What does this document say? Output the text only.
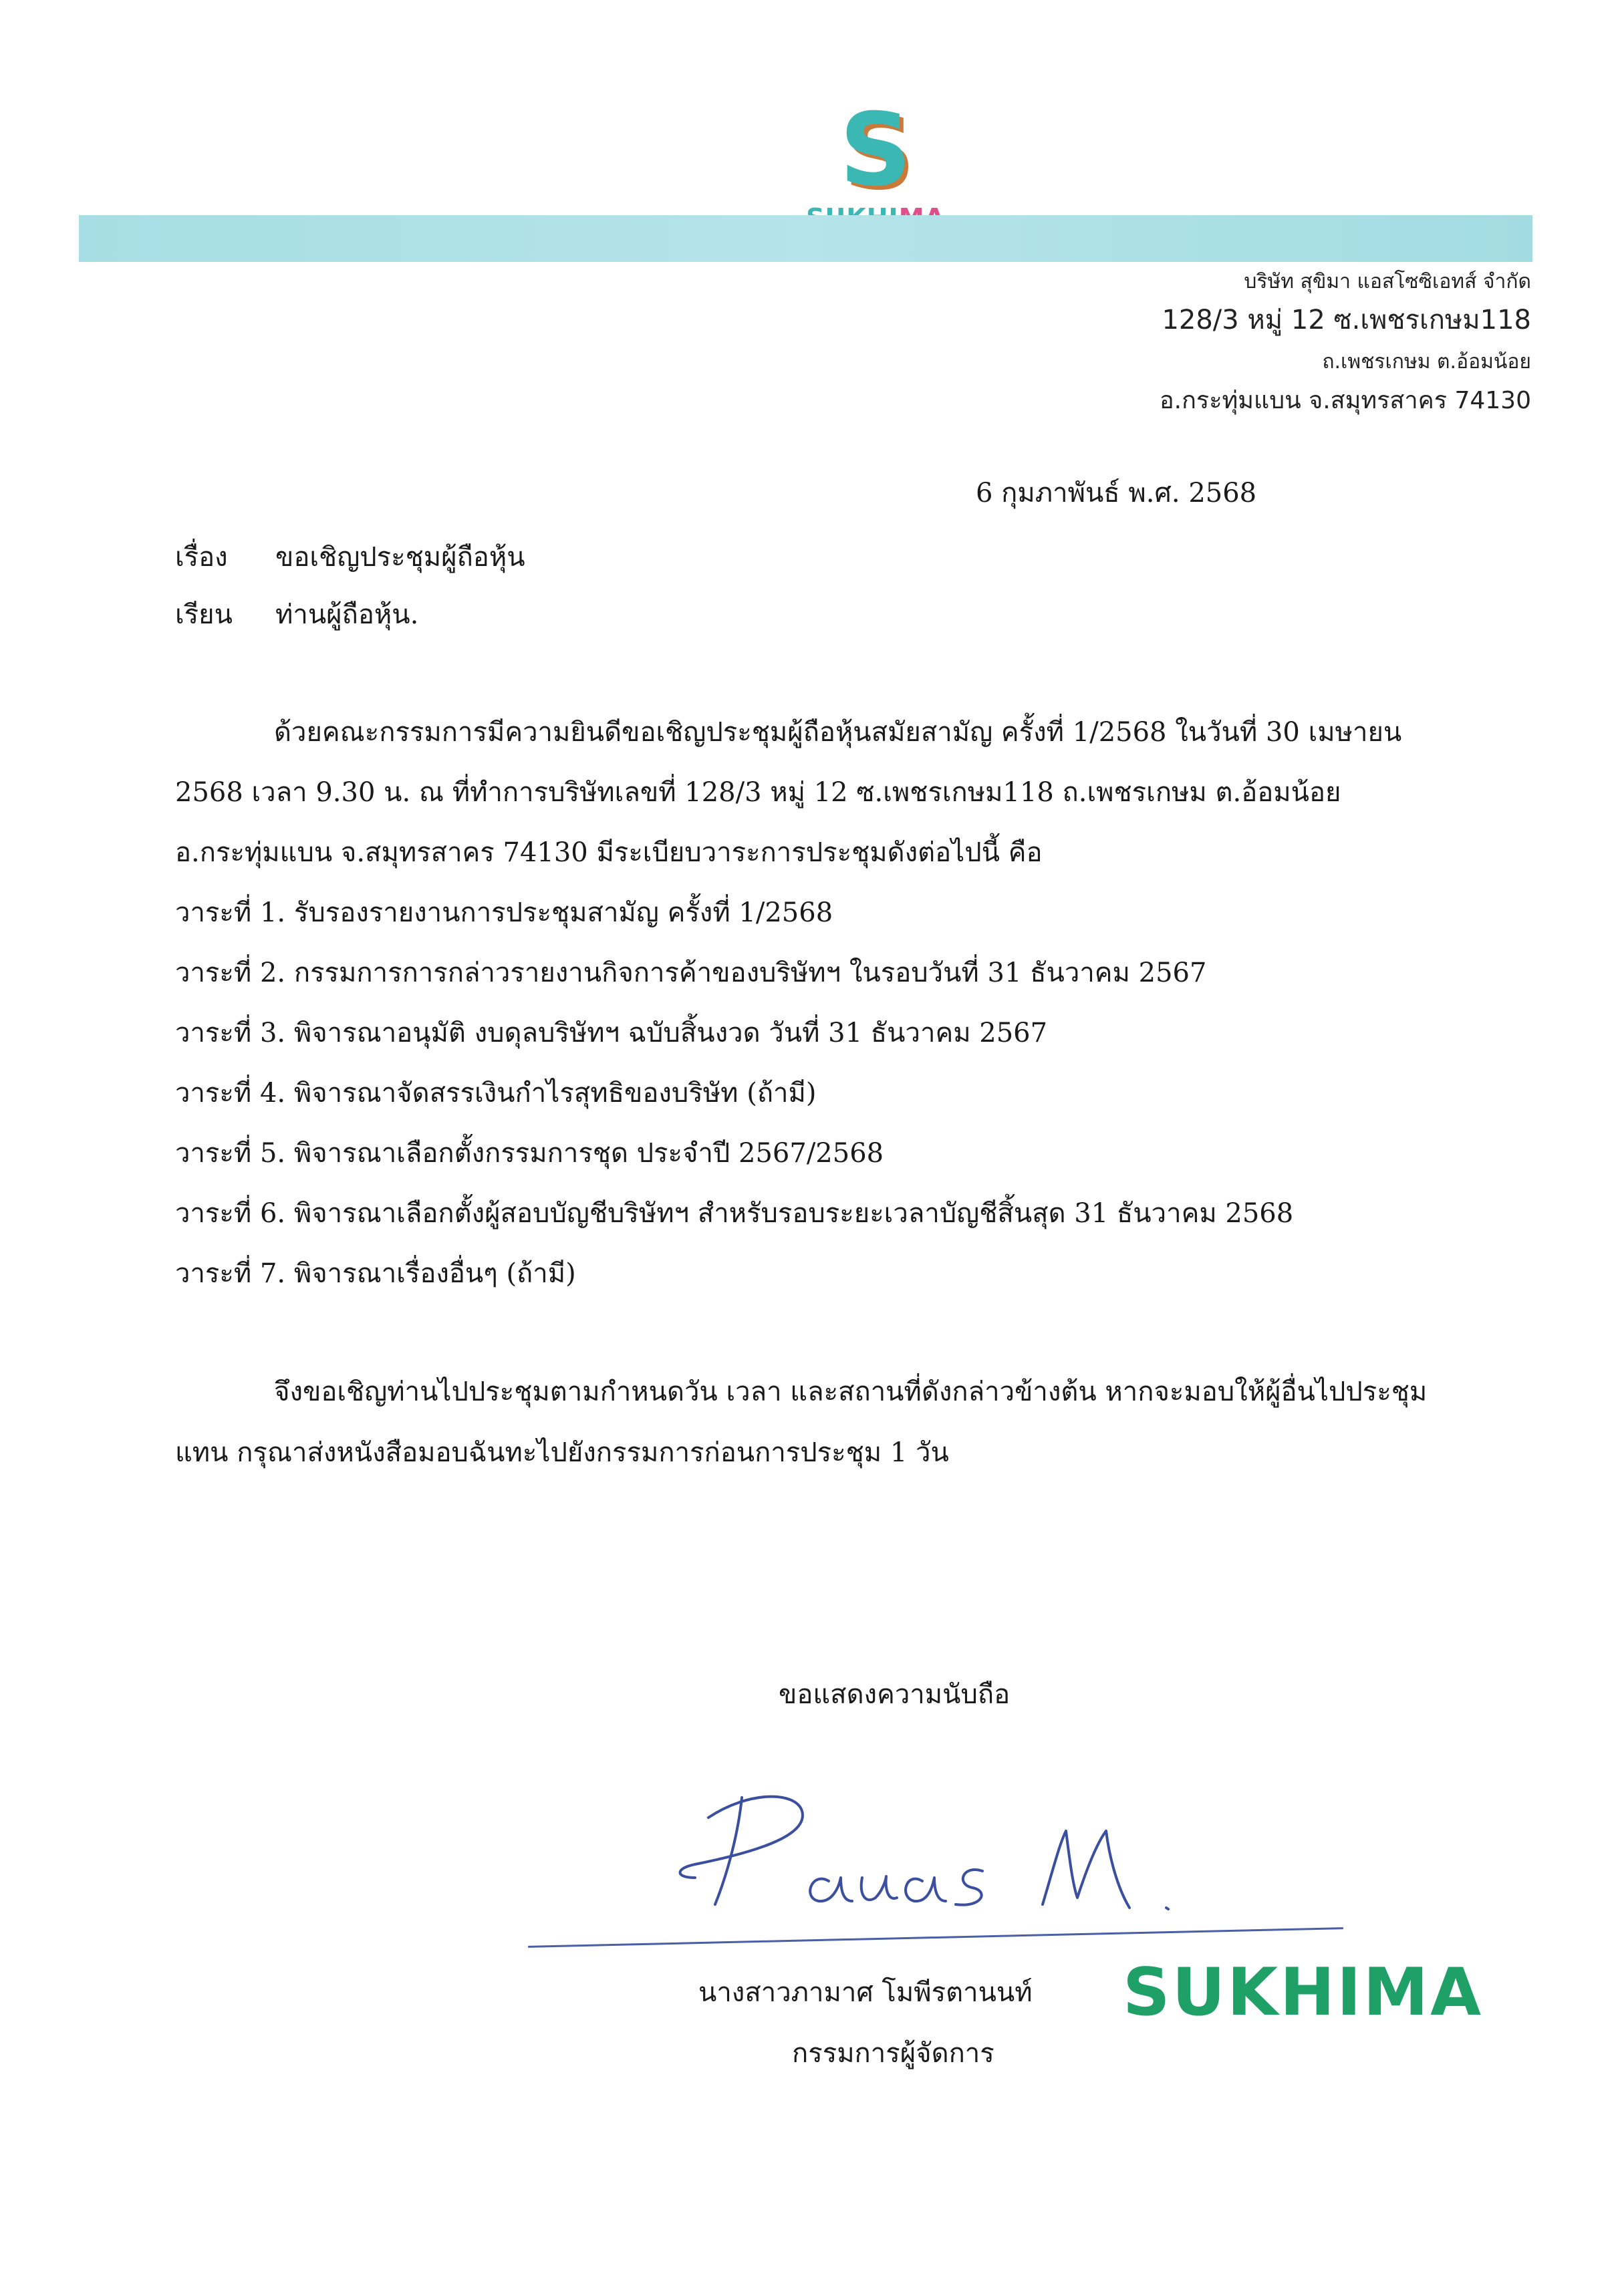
S
บริษัท สุขิมา แอสโซซิเอทส์ จำกัด
128/3 หมู่ 12 ซ.เพชรเกษม118
ถ.เพชรเกษม ต.อ้อมน้อย
อ.กระทุ่มแบน จ.สมุทรสาคร 74130
6 กุมภาพันธ์ พ.ศ. 2568
เรื่อง ขอเชิญประชุมผู้ถือหุ้น
เรียน ท่านผู้ถือหุ้น.
ด้วยคณะกรรมการมีความยินดีขอเชิญประชุมผู้ถือหุ้นสมัยสามัญ ครั้งที่ 1/2568 ในวันที่ 30 เมษายน
2568 เวลา 9.30 น. ณ ที่ทำการบริษัทเลขที่ 128/3 หมู่ 12 ซ.เพชรเกษม118 ถ.เพชรเกษม ต.อ้อมน้อย
อ.กระทุ่มแบน จ.สมุทรสาคร 74130 มีระเบียบวาระการประชุมดังต่อไปนี้ คือ
วาระที่ 1. รับรองรายงานการประชุมสามัญ ครั้งที่ 1/2568
วาระที่ 2. กรรมการการกล่าวรายงานกิจการค้าของบริษัทฯ ในรอบวันที่ 31 ธันวาคม 2567
วาระที่ 3. พิจารณาอนุมัติ งบดุลบริษัทฯ ฉบับสิ้นงวด วันที่ 31 ธันวาคม 2567
วาระที่ 4. พิจารณาจัดสรรเงินกำไรสุทธิของบริษัท (ถ้ามี)
วาระที่ 5. พิจารณาเลือกตั้งกรรมการชุด ประจำปี 2567/2568
วาระที่ 6. พิจารณาเลือกตั้งผู้สอบบัญชีบริษัทฯ สำหรับรอบระยะเวลาบัญชีสิ้นสุด 31 ธันวาคม 2568
วาระที่ 7. พิจารณาเรื่องอื่นๆ (ถ้ามี)
จึงขอเชิญท่านไปประชุมตามกำหนดวัน เวลา และสถานที่ดังกล่าวข้างต้น หากจะมอบให้ผู้อื่นไปประชุม
แทน กรุณาส่งหนังสือมอบฉันทะไปยังกรรมการก่อนการประชุม 1 วัน
ขอแสดงความนับถือ
นางสาวภามาศ โมพีรตานนท์
กรรมการผู้จัดการ
SUKHIMA
